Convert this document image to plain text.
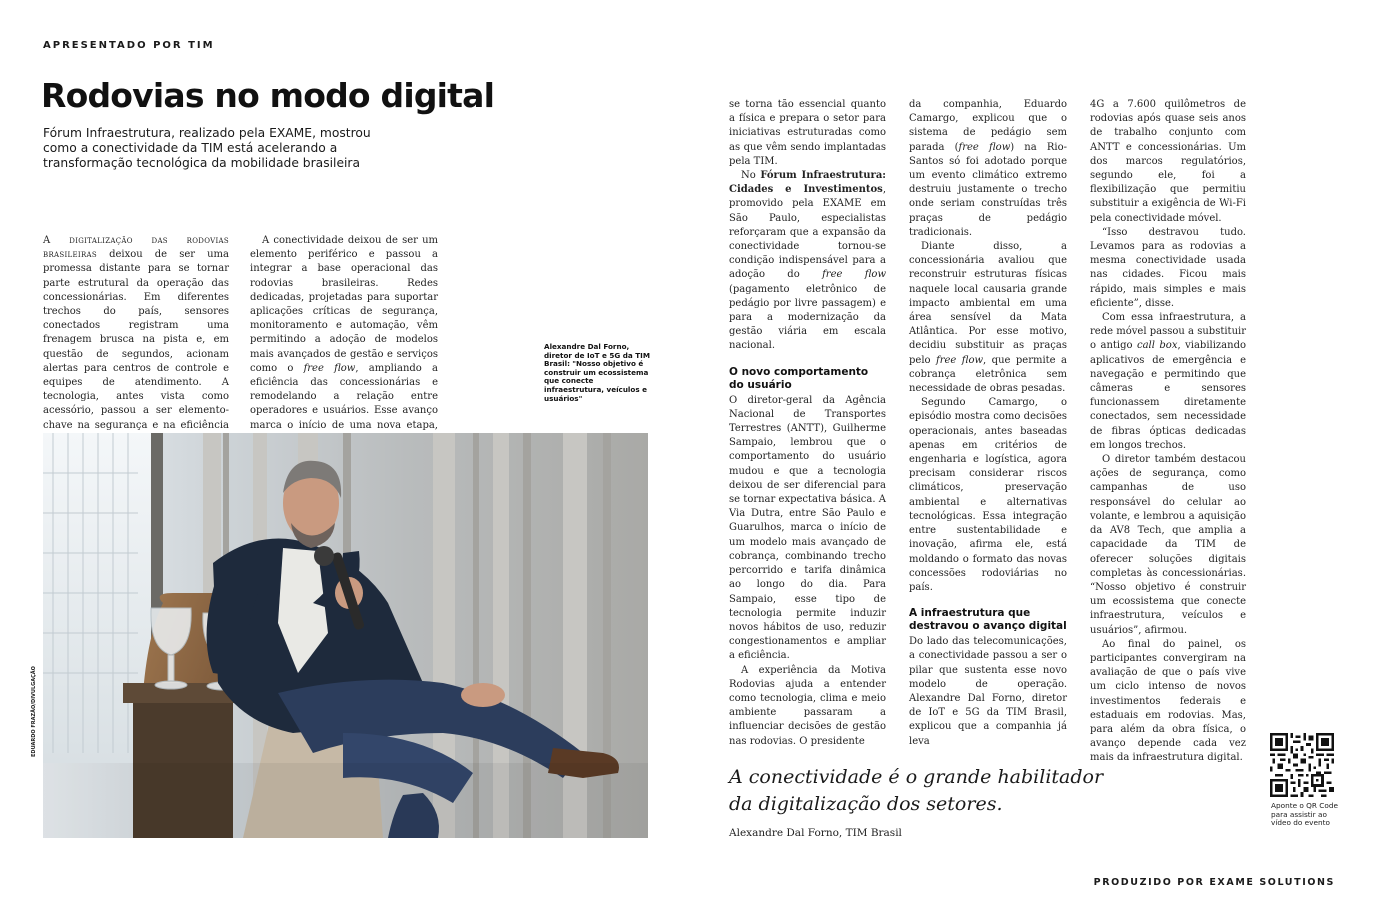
APRESENTADO POR TIM
Rodovias no modo digital

Fórum Infraestrutura, realizado pela EXAME, mostrou como a conectividade da TIM está acelerando a transformação tecnológica da mobilidade brasileira

A digitalização das rodovias brasileiras deixou de ser uma promessa distante para se tornar parte estrutural da operação das concessionárias. Em diferentes trechos do país, sensores conectados registram uma frenagem brusca na pista e, em questão de segundos, acionam alertas para centros de controle e equipes de atendimento. A tecnologia, antes vista como acessório, passou a ser elemento-chave na segurança e na eficiência

A conectividade deixou de ser um elemento periférico e passou a integrar a base operacional das rodovias brasileiras. Redes dedicadas, projetadas para suportar aplicações críticas de segurança, monitoramento e automação, vêm permitindo a adoção de modelos mais avançados de gestão e serviços como o free flow, ampliando a eficiência das concessionárias e remodelando a relação entre operadores e usuários. Esse avanço marca o início de uma nova etapa,

Alexandre Dal Forno,
diretor de IoT e 5G da TIM Brasil: "Nosso objetivo é construir um ecossistema que conecte infraestrutura, veículos e usuários"
EDUARDO FRAZÃO/DIVULGAÇÃO

se torna tão essencial quanto a física e prepara o setor para iniciativas estruturadas como as que vêm sendo implantadas pela TIM.

No Fórum Infraestrutura: Cidades e Investimentos, promovido pela EXAME em São Paulo, especialistas reforçaram que a expansão da conectividade tornou-se condição indispensável para a adoção do free flow (pagamento eletrônico de pedágio por livre passagem) e para a modernização da gestão viária em escala nacional.

O novo comportamento do usuário

O diretor-geral da Agência Nacional de Transportes Terrestres (ANTT), Guilherme Sampaio, lembrou que o comportamento do usuário mudou e que a tecnologia deixou de ser diferencial para se tornar expectativa básica. A Via Dutra, entre São Paulo e Guarulhos, marca o início de um modelo mais avançado de cobrança, combinando trecho percorrido e tarifa dinâmica ao longo do dia. Para Sampaio, esse tipo de tecnologia permite induzir novos hábitos de uso, reduzir congestionamentos e ampliar a eficiência.

A experiência da Motiva Rodovias ajuda a entender como tecnologia, clima e meio ambiente passaram a influenciar decisões de gestão nas rodovias. O presidente

da companhia, Eduardo Camargo, explicou que o sistema de pedágio sem parada (free flow) na Rio-Santos só foi adotado porque um evento climático extremo destruiu justamente o trecho onde seriam construídas três praças de pedágio tradicionais.

Diante disso, a concessionária avaliou que reconstruir estruturas físicas naquele local causaria grande impacto ambiental em uma área sensível da Mata Atlântica. Por esse motivo, decidiu substituir as praças pelo free flow, que permite a cobrança eletrônica sem necessidade de obras pesadas.

Segundo Camargo, o episódio mostra como decisões operacionais, antes baseadas apenas em critérios de engenharia e logística, agora precisam considerar riscos climáticos, preservação ambiental e alternativas tecnológicas. Essa integração entre sustentabilidade e inovação, afirma ele, está moldando o formato das novas concessões rodoviárias no país.

A infraestrutura que destravou o avanço digital

Do lado das telecomunicações, a conectividade passou a ser o pilar que sustenta esse novo modelo de operação. Alexandre Dal Forno, diretor de IoT e 5G da TIM Brasil, explicou que a companhia já leva

4G a 7.600 quilômetros de rodovias após quase seis anos de trabalho conjunto com ANTT e concessionárias. Um dos marcos regulatórios, segundo ele, foi a flexibilização que permitiu substituir a exigência de Wi-Fi pela conectividade móvel.

“Isso destravou tudo. Levamos para as rodovias a mesma conectividade usada nas cidades. Ficou mais rápido, mais simples e mais eficiente”, disse.

Com essa infraestrutura, a rede móvel passou a substituir o antigo call box, viabilizando aplicativos de emergência e navegação e permitindo que câmeras e sensores funcionassem diretamente conectados, sem necessidade de fibras ópticas dedicadas em longos trechos.

O diretor também destacou ações de segurança, como campanhas de uso responsável do celular ao volante, e lembrou a aquisição da AV8 Tech, que amplia a capacidade da TIM de oferecer soluções digitais completas às concessionárias. “Nosso objetivo é construir um ecossistema que conecte infraestrutura, veículos e usuários”, afirmou.

Ao final do painel, os participantes convergiram na avaliação de que o país vive um ciclo intenso de novos investimentos federais e estaduais em rodovias. Mas, para além da obra física, o avanço depende cada vez mais da infraestrutura digital.

A conectividade é o grande habilitador
da digitalização dos setores.
Alexandre Dal Forno, TIM Brasil
Aponte o QR Code para assistir ao vídeo do evento
PRODUZIDO POR EXAME SOLUTIONS
